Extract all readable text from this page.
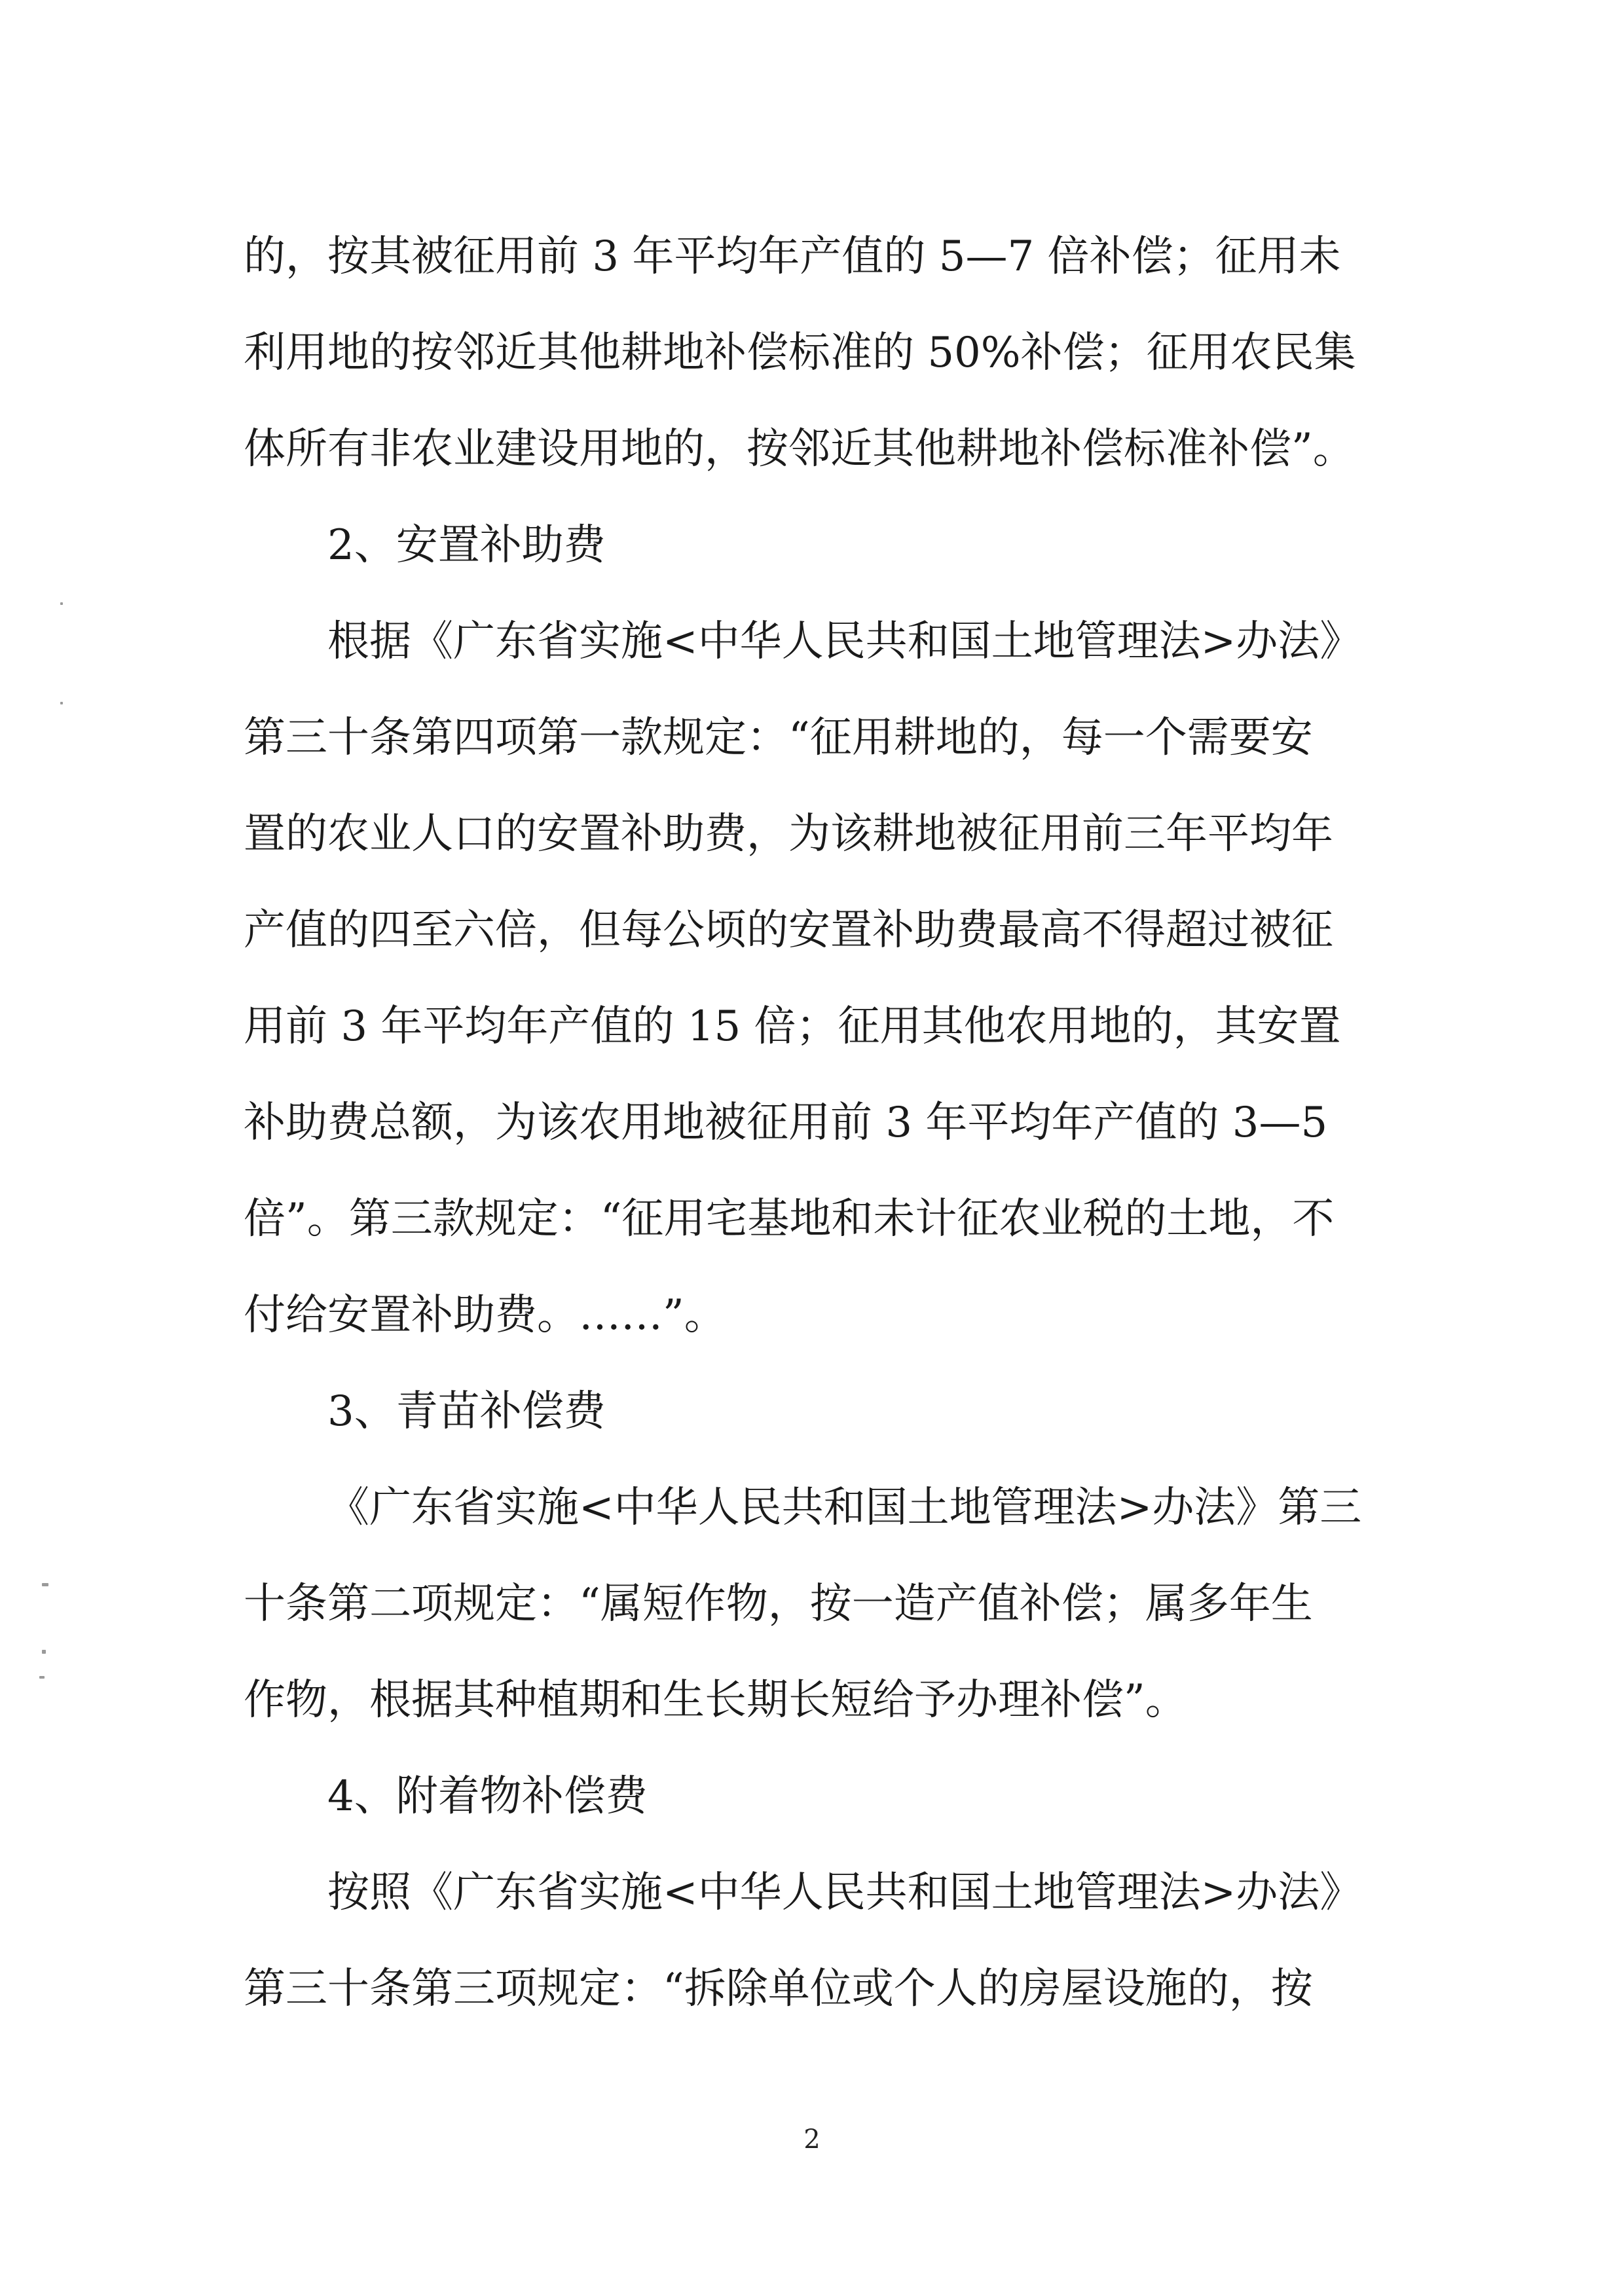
的，按其被征用前 3 年平均年产值的 5—7 倍补偿；征用未
利用地的按邻近其他耕地补偿标准的 50%补偿；征用农民集
体所有非农业建设用地的，按邻近其他耕地补偿标准补偿”。
2、安置补助费
根据《广东省实施<中华人民共和国土地管理法>办法》
第三十条第四项第一款规定：“征用耕地的，每一个需要安
置的农业人口的安置补助费，为该耕地被征用前三年平均年
产值的四至六倍，但每公顷的安置补助费最高不得超过被征
用前 3 年平均年产值的 15 倍；征用其他农用地的，其安置
补助费总额，为该农用地被征用前 3 年平均年产值的 3—5
倍”。第三款规定：“征用宅基地和未计征农业税的土地，不
付给安置补助费。……”。
3、青苗补偿费
《广东省实施<中华人民共和国土地管理法>办法》第三
十条第二项规定：“属短作物，按一造产值补偿；属多年生
作物，根据其种植期和生长期长短给予办理补偿”。
4、附着物补偿费
按照《广东省实施<中华人民共和国土地管理法>办法》
第三十条第三项规定：“拆除单位或个人的房屋设施的，按
2
